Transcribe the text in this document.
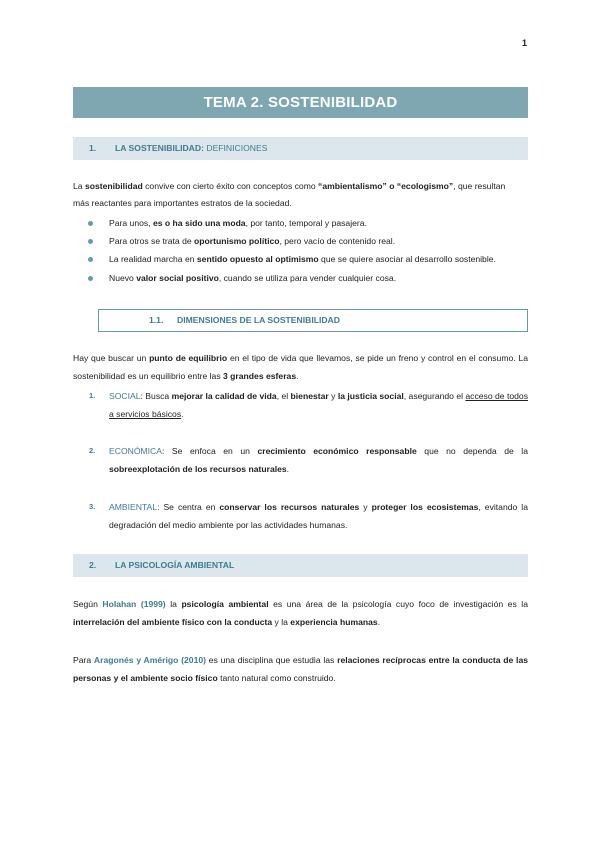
1
TEMA 2. SOSTENIBILIDAD
1. LA SOSTENIBILIDAD: DEFINICIONES
La sostenibilidad convive con cierto éxito con conceptos como “ambientalismo” o “ecologismo”, que resultan
más reactantes para importantes estratos de la sociedad.
Para unos, es o ha sido una moda, por tanto, temporal y pasajera.
Para otros se trata de oportunismo político, pero vacío de contenido real.
La realidad marcha en sentido opuesto al optimismo que se quiere asociar al desarrollo sostenible.
Nuevo valor social positivo, cuando se utiliza para vender cualquier cosa.
1.1. DIMENSIONES DE LA SOSTENIBILIDAD
Hay que buscar un punto de equilibrio en el tipo de vida que llevamos, se pide un freno y control en el consumo. La sostenibilidad es un equilibrio entre las 3 grandes esferas.
1. SOCIAL: Busca mejorar la calidad de vida, el bienestar y la justicia social, asegurando el acceso de todos a servicios básicos.
2. ECONÓMICA: Se enfoca en un crecimiento económico responsable que no dependa de la sobreexplotación de los recursos naturales.
3. AMBIENTAL: Se centra en conservar los recursos naturales y proteger los ecosistemas, evitando la degradación del medio ambiente por las actividades humanas.
2. LA PSICOLOGÍA AMBIENTAL
Según Holahan (1999) la psicología ambiental es una área de la psicología cuyo foco de investigación es la interrelación del ambiente físico con la conducta y la experiencia humanas.
Para Aragonés y Amérigo (2010) es una disciplina que estudia las relaciones recíprocas entre la conducta de las personas y el ambiente socio físico tanto natural como construido.
